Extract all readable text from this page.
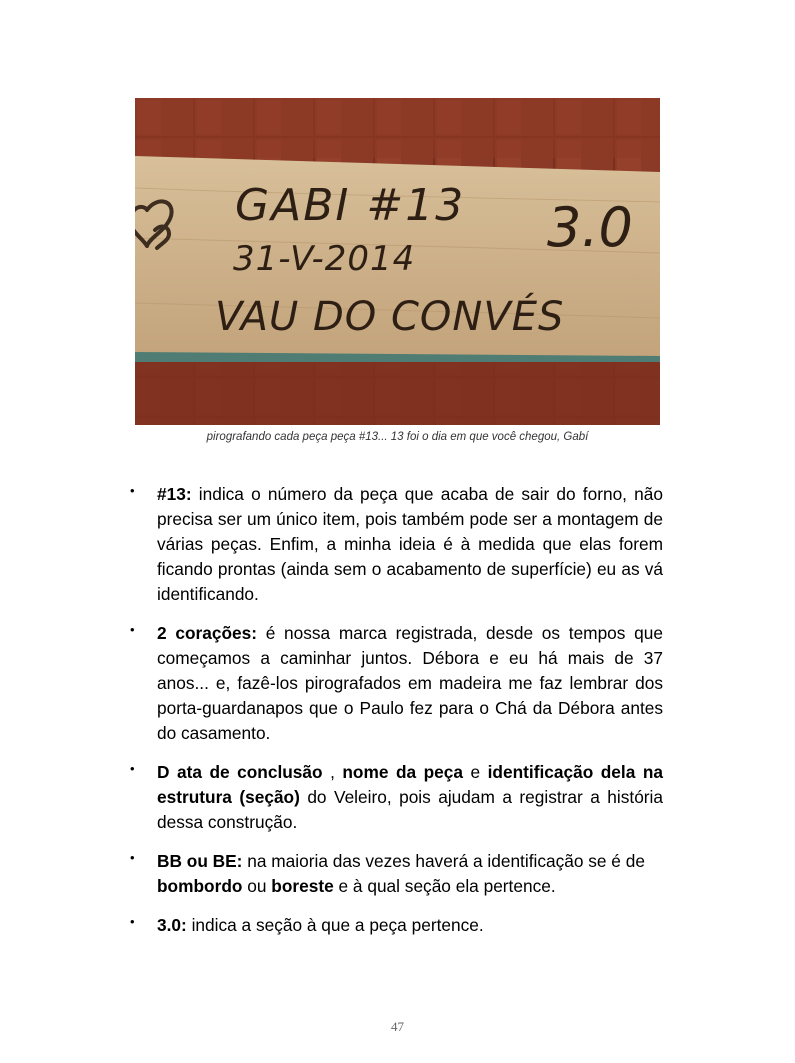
GABI #13
31-V-2014 3.0
VAU DO CONVÉS
pirografando cada peça peça #13... 13 foi o dia em que você chegou, Gabí
• #13: indica o número da peça que acaba de sair do forno, não precisa ser um único item, pois também pode ser a montagem de várias peças. Enfim, a minha ideia é à medida que elas forem ficando prontas (ainda sem o acabamento de superfície) eu as vá identificando.

• 2 corações: é nossa marca registrada, desde os tempos que começamos a caminhar juntos. Débora e eu há mais de 37 anos... e, fazê-los pirografados em madeira me faz lembrar dos porta-guardanapos que o Paulo fez para o Chá da Débora antes do casamento.

• D ata de conclusão , nome da peça e identificação dela na estrutura (seção) do Veleiro, pois ajudam a registrar a história dessa construção.

• BB ou BE: na maioria das vezes haverá a identificação se é de bombordo ou boreste e à qual seção ela pertence.

• 3.0: indica a seção à que a peça pertence.

47
